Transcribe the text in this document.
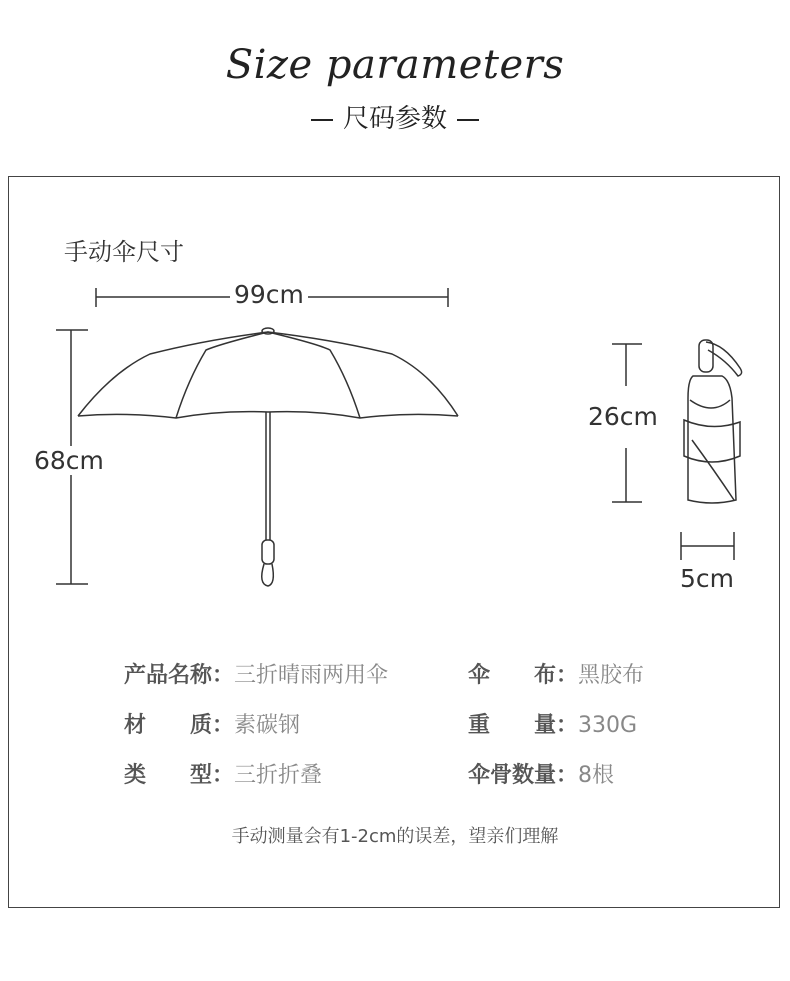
Size parameters
尺码参数
手动伞尺寸
99cm
68cm
26cm
5cm
产品名称：三折晴雨两用伞	伞　　布：黑胶布
材　　质：素碳钢	重　　量：330G
类　　型：三折折叠	伞骨数量：8根
手动测量会有1-2cm的误差，望亲们理解
